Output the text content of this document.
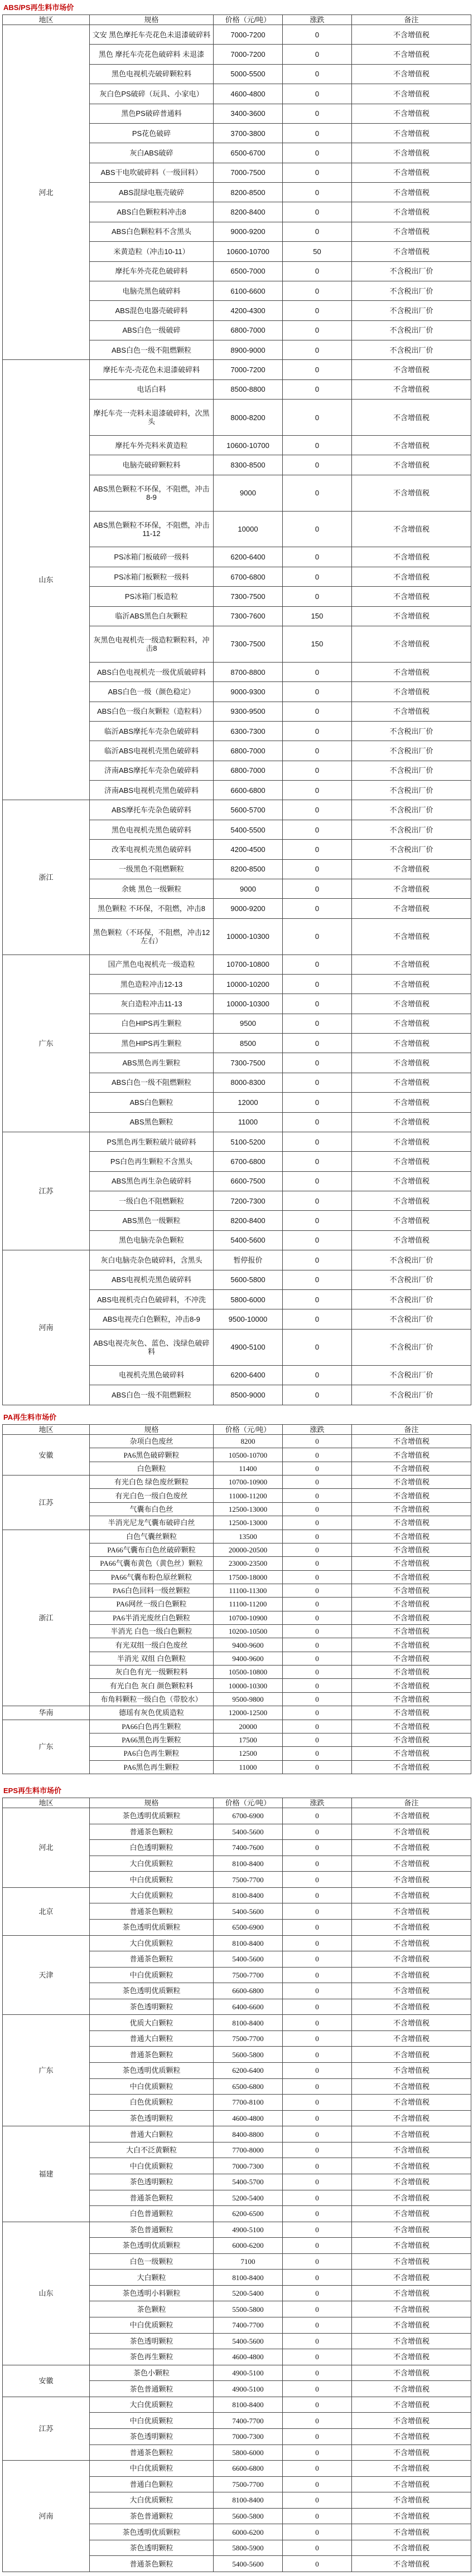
ABS/PS再生料市场价
地区	规格	价格（元/吨）	涨跌	备注
河北	文安 黑色摩托车壳花色未退漆破碎料	7000-7200	0	不含增值税
	黑色 摩托车壳花色破碎料 未退漆	7000-7200	0	不含增值税
	黑色电视机壳破碎颗粒料	5000-5500	0	不含增值税
	灰白色PS破碎（玩具、小家电）	4600-4800	0	不含增值税
	黑色PS破碎普通料	3400-3600	0	不含增值税
	PS花色破碎	3700-3800	0	不含增值税
	灰白ABS破碎	6500-6700	0	不含增值税
	ABS干电吹破碎料（一级回料）	7000-7500	0	不含增值税
	ABS混绿电瓶壳破碎	8200-8500	0	不含增值税
	ABS白色颗粒料冲击8	8200-8400	0	不含增值税
	ABS白色颗粒料不含黑头	9000-9200	0	不含增值税
	米黄造粒（冲击10-11）	10600-10700	50	不含增值税
	摩托车外壳花色破碎料	6500-7000	0	不含税出厂价
	电脑壳黑色破碎料	6100-6600	0	不含税出厂价
	ABS混色电器壳破碎料	4200-4300	0	不含税出厂价
	ABS白色一级破碎	6800-7000	0	不含税出厂价
	ABS白色一级不阻燃颗粒	8900-9000	0	不含税出厂价
山东	摩托车壳-壳花色未退漆破碎料	7000-7200	0	不含增值税
	电话白料	8500-8800	0	不含增值税
	摩托车壳一壳料未退漆破碎料，次黑头	8000-8200	0	不含增值税
	摩托车外壳料米黄造粒	10600-10700	0	不含增值税
	电脑壳破碎颗粒料	8300-8500	0	不含增值税
	ABS黑色颗粒不环保，不阻燃，冲击8-9	9000	0	不含增值税
	ABS黑色颗粒不环保，不阻燃，冲击11-12	10000	0	不含增值税
	PS冰箱门板破碎一级料	6200-6400	0	不含增值税
	PS冰箱门板颗粒一级料	6700-6800	0	不含增值税
	PS冰箱门板造粒	7300-7500	0	不含增值税
	临沂ABS黑色白灰颗粒	7300-7600	150	不含增值税
	灰黑色电视机壳一级造粒颗粒料，冲击8	7300-7500	150	不含增值税
	ABS白色电视机壳一级优质破碎料	8700-8800	0	不含增值税
	ABS白色一级（颜色稳定）	9000-9300	0	不含增值税
	ABS白色一级白灰颗粒（造粒料）	9300-9500	0	不含增值税
	临沂ABS摩托车壳杂色破碎料	6300-7300	0	不含税出厂价
	临沂ABS电视机壳黑色破碎料	6800-7000	0	不含税出厂价
	济南ABS摩托车壳杂色破碎料	6800-7000	0	不含税出厂价
	济南ABS电视机壳黑色破碎料	6600-6800	0	不含税出厂价
浙江	ABS摩托车壳杂色破碎料	5600-5700	0	不含税出厂价
	黑色电视机壳黑色破碎料	5400-5500	0	不含税出厂价
	改苯电视机壳黑色破碎料	4200-4500	0	不含税出厂价
	一级黑色不阻燃颗粒	8200-8500	0	不含增值税
	余姚 黑色一级颗粒	9000	0	不含增值税
	黑色颗粒 不环保，不阻燃，冲击8	9000-9200	0	不含增值税
	黑色颗粒（不环保，不阻燃，冲击12左右）	10000-10300	0	不含增值税
广东	国产黑色电视机壳一级造粒	10700-10800	0	不含增值税
	黑色造粒冲击12-13	10000-10200	0	不含增值税
	灰白造粒冲击11-13	10000-10300	0	不含增值税
	白色HIPS再生颗粒	9500	0	不含增值税
	黑色HIPS再生颗粒	8500	0	不含增值税
	ABS黑色再生颗粒	7300-7500	0	不含增值税
	ABS白色一级不阻燃颗粒	8000-8300	0	不含增值税
	ABS白色颗粒	12000	0	不含增值税
	ABS黑色颗粒	11000	0	不含增值税
江苏	PS黑色再生颗粒破片破碎料	5100-5200	0	不含增值税
	PS白色再生颗粒不含黑头	6700-6800	0	不含增值税
	ABS黑色再生杂色破碎料	6600-7500	0	不含增值税
	一级白色不阻燃颗粒	7200-7300	0	不含增值税
	ABS黑色一级颗粒	8200-8400	0	不含增值税
	黑色电脑壳杂色颗粒	5400-5600	0	不含增值税
河南	灰白电脑壳杂色破碎料，含黑头	暂停报价	0	不含税出厂价
	ABS电视机壳黑色破碎料	5600-5800	0	不含税出厂价
	ABS电视机壳白色破碎料，不冲洗	5800-6000	0	不含税出厂价
	ABS电视壳白色颗粒，冲击8-9	9500-10000	0	不含税出厂价
	ABS电视壳灰色、蓝色、浅绿色破碎料	4900-5100	0	不含税出厂价
	电视机壳黑色破碎料	6200-6400	0	不含税出厂价
	ABS白色一级不阻燃颗粒	8500-9000	0	不含税出厂价
PA再生料市场价
地区	规格	价格（元/吨）	涨跌	备注
安徽	杂项白色废丝	8200	0	不含增值税
	PA6黑色破碎颗粒	10500-10700	0	不含增值税
	白色颗粒	11400	0	不含增值税
江苏	有光白色 绿色废丝颗粒	10700-10900	0	不含增值税
	有光白色一级白色废丝	11000-11200	0	不含增值税
	气囊布白色丝	12500-13000	0	不含增值税
	半消光尼龙气囊布破碎白丝	12500-13000	0	不含增值税
浙江	白色气囊丝颗粒	13500	0	不含增值税
	PA66气囊布白色丝破碎颗粒	20000-20500	0	不含增值税
	PA66气囊布黄色（黄色丝）颗粒	23000-23500	0	不含增值税
	PA66气囊布粉色原丝颗粒	17500-18000	0	不含增值税
	PA6白色回料一级丝颗粒	11100-11300	0	不含增值税
	PA6网丝一级白色颗粒	11100-11200	0	不含增值税
	PA6半消光废丝白色颗粒	10700-10900	0	不含增值税
	半消光 白色一级白色颗粒	10200-10500	0	不含增值税
	有光双组一级白色废丝	9400-9600	0	不含增值税
	半消光 双组 白色颗粒	9400-9600	0	不含增值税
	灰白色有光一级颗粒料	10500-10800	0	不含增值税
	有光白色 灰白 颜色颗粒料	10000-10300	0	不含增值税
	布角料颗粒一级白色（带胶水）	9500-9800	0	不含增值税
华南	德瑶有灰色优质造粒	12000-12500	0	不含增值税
广东	PA66白色再生颗粒	20000	0	不含增值税
	PA66黑色再生颗粒	17500	0	不含增值税
	PA6白色再生颗粒	12500	0	不含增值税
	PA6黑色再生颗粒	11000	0	不含增值税
EPS再生料市场价
地区	规格	价格（元/吨）	涨跌	备注
河北	茶色透明优质颗粒	6700-6900	0	不含增值税
	普通茶色颗粒	5400-5600	0	不含增值税
	白色透明颗粒	7400-7600	0	不含增值税
	大白优质颗粒	8100-8400	0	不含增值税
	中白优质颗粒	7500-7700	0	不含增值税
北京	大白优质颗粒	8100-8400	0	不含增值税
	普通茶色颗粒	5400-5600	0	不含增值税
	茶色透明优质颗粒	6500-6900	0	不含增值税
天津	大白优质颗粒	8100-8400	0	不含增值税
	普通茶色颗粒	5400-5600	0	不含增值税
	中白优质颗粒	7500-7700	0	不含增值税
	茶色透明优质颗粒	6600-6800	0	不含增值税
	茶色透明颗粒	6400-6600	0	不含增值税
广东	优质大白颗粒	8100-8400	0	不含增值税
	普通大白颗粒	7500-7700	0	不含增值税
	普通茶色颗粒	5600-5800	0	不含增值税
	茶色透明优质颗粒	6200-6400	0	不含增值税
	中白优质颗粒	6500-6800	0	不含增值税
	白色优质颗粒	7700-8100	0	不含增值税
	茶色透明颗粒	4600-4800	0	不含增值税
福建	普通大白颗粒	8400-8800	0	不含增值税
	大白不泛黄颗粒	7700-8000	0	不含增值税
	中白优质颗粒	7000-7300	0	不含增值税
	茶色透明颗粒	5400-5700	0	不含增值税
	普通茶色颗粒	5200-5400	0	不含增值税
	白色普通颗粒	6200-6500	0	不含增值税
山东	茶色普通颗粒	4900-5100	0	不含增值税
	茶色透明优质颗粒	6000-6200	0	不含增值税
	白色一级颗粒	7100	0	不含增值税
	大白颗粒	8100-8400	0	不含增值税
	茶色透明小料颗粒	5200-5400	0	不含增值税
	茶色颗粒	5500-5800	0	不含增值税
	中白优质颗粒	7400-7700	0	不含增值税
	茶色透明颗粒	5400-5600	0	不含增值税
	茶色再生颗粒	4600-4800	0	不含增值税
安徽	茶色小颗粒	4900-5100	0	不含增值税
	茶色普通颗粒	4900-5100	0	不含增值税
江苏	大白优质颗粒	8100-8400	0	不含增值税
	中白优质颗粒	7400-7700	0	不含增值税
	茶色透明颗粒	7000-7300	0	不含增值税
	普通茶色颗粒	5800-6000	0	不含增值税
河南	中白优质颗粒	6600-6800	0	不含增值税
	普通白色颗粒	7500-7700	0	不含增值税
	大白优质颗粒	8100-8400	0	不含增值税
	茶色普通颗粒	5600-5800	0	不含增值税
	茶色透明优质颗粒	6000-6200	0	不含增值税
	茶色透明颗粒	5800-5900	0	不含增值税
	普通茶色颗粒	5400-5600	0	不含增值税
